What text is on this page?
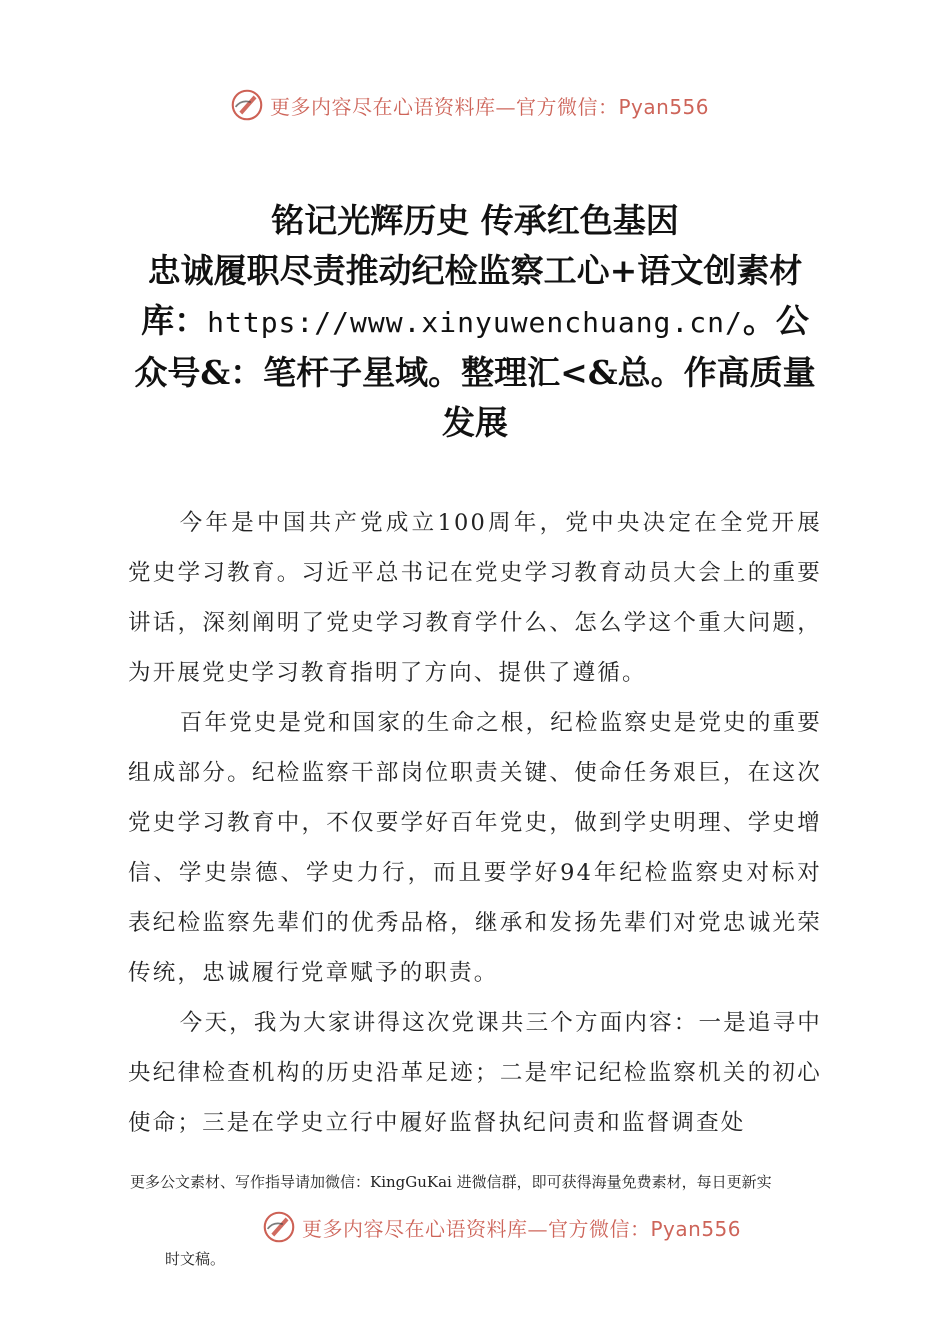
更多内容尽在心语资料库—官方微信：Pyan556
铭记光辉历史 传承红色基因
忠诚履职尽责推动纪检监察工心+语文创素材
库：https://www.xinyuwenchuang.cn/。公
众号&：笔杆子星域。整理汇<&总。作高质量
发展

今年是中国共产党成立100周年，党中央决定在全党开展党史学习教育。习近平总书记在党史学习教育动员大会上的重要讲话，深刻阐明了党史学习教育学什么、怎么学这个重大问题，为开展党史学习教育指明了方向、提供了遵循。

百年党史是党和国家的生命之根，纪检监察史是党史的重要组成部分。纪检监察干部岗位职责关键、使命任务艰巨，在这次党史学习教育中，不仅要学好百年党史，做到学史明理、学史增信、学史崇德、学史力行，而且要学好94年纪检监察史对标对表纪检监察先辈们的优秀品格，继承和发扬先辈们对党忠诚光荣传统，忠诚履行党章赋予的职责。

今天，我为大家讲得这次党课共三个方面内容：一是追寻中央纪律检查机构的历史沿革足迹；二是牢记纪检监察机关的初心使命；三是在学史立行中履好监督执纪问责和监督调查处

更多公文素材、写作指导请加微信：KingGuKai 进微信群，即可获得海量免费素材，每日更新实
更多内容尽在心语资料库—官方微信：Pyan556
时文稿。
